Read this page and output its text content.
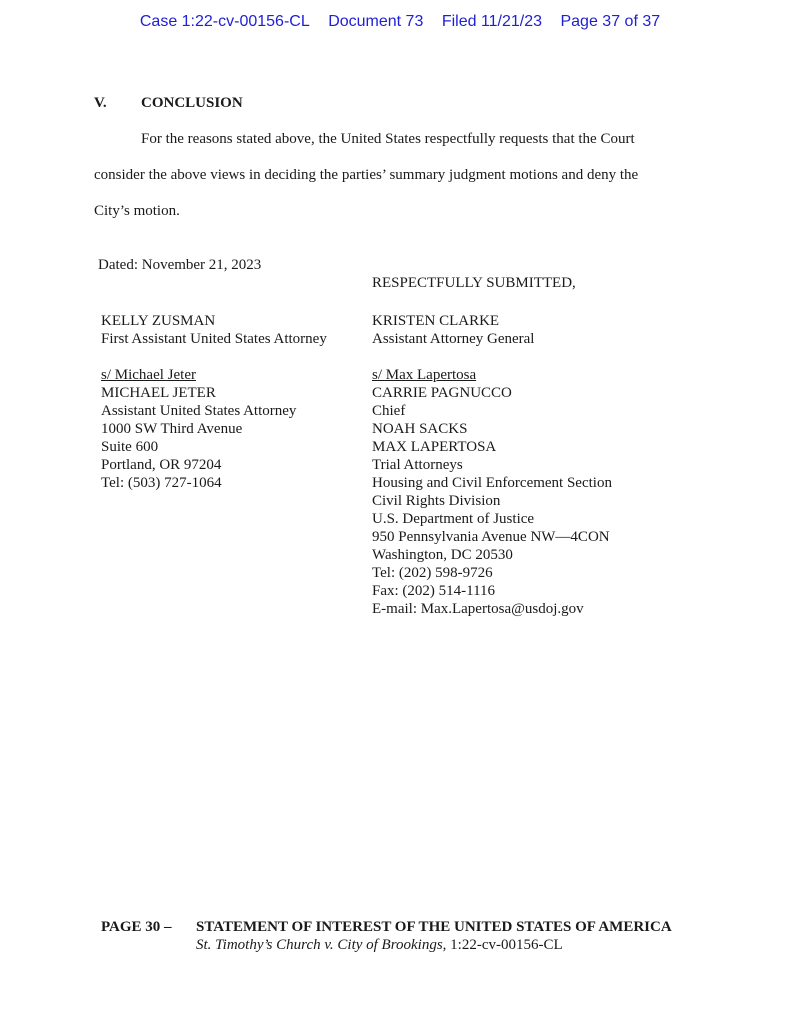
Case 1:22-cv-00156-CL Document 73 Filed 11/21/23 Page 37 of 37
V. CONCLUSION
For the reasons stated above, the United States respectfully requests that the Court
consider the above views in deciding the parties’ summary judgment motions and deny the
City’s motion.
Dated: November 21, 2023
RESPECTFULLY SUBMITTED,
KELLY ZUSMAN
First Assistant United States Attorney
s/ Michael Jeter
MICHAEL JETER
Assistant United States Attorney
1000 SW Third Avenue
Suite 600
Portland, OR 97204
Tel: (503) 727-1064
KRISTEN CLARKE
Assistant Attorney General
s/ Max Lapertosa
CARRIE PAGNUCCO
Chief
NOAH SACKS
MAX LAPERTOSA
Trial Attorneys
Housing and Civil Enforcement Section
Civil Rights Division
U.S. Department of Justice
950 Pennsylvania Avenue NW—4CON
Washington, DC 20530
Tel: (202) 598-9726
Fax: (202) 514-1116
E-mail: Max.Lapertosa@usdoj.gov
PAGE 30 – STATEMENT OF INTEREST OF THE UNITED STATES OF AMERICA
St. Timothy’s Church v. City of Brookings, 1:22-cv-00156-CL
